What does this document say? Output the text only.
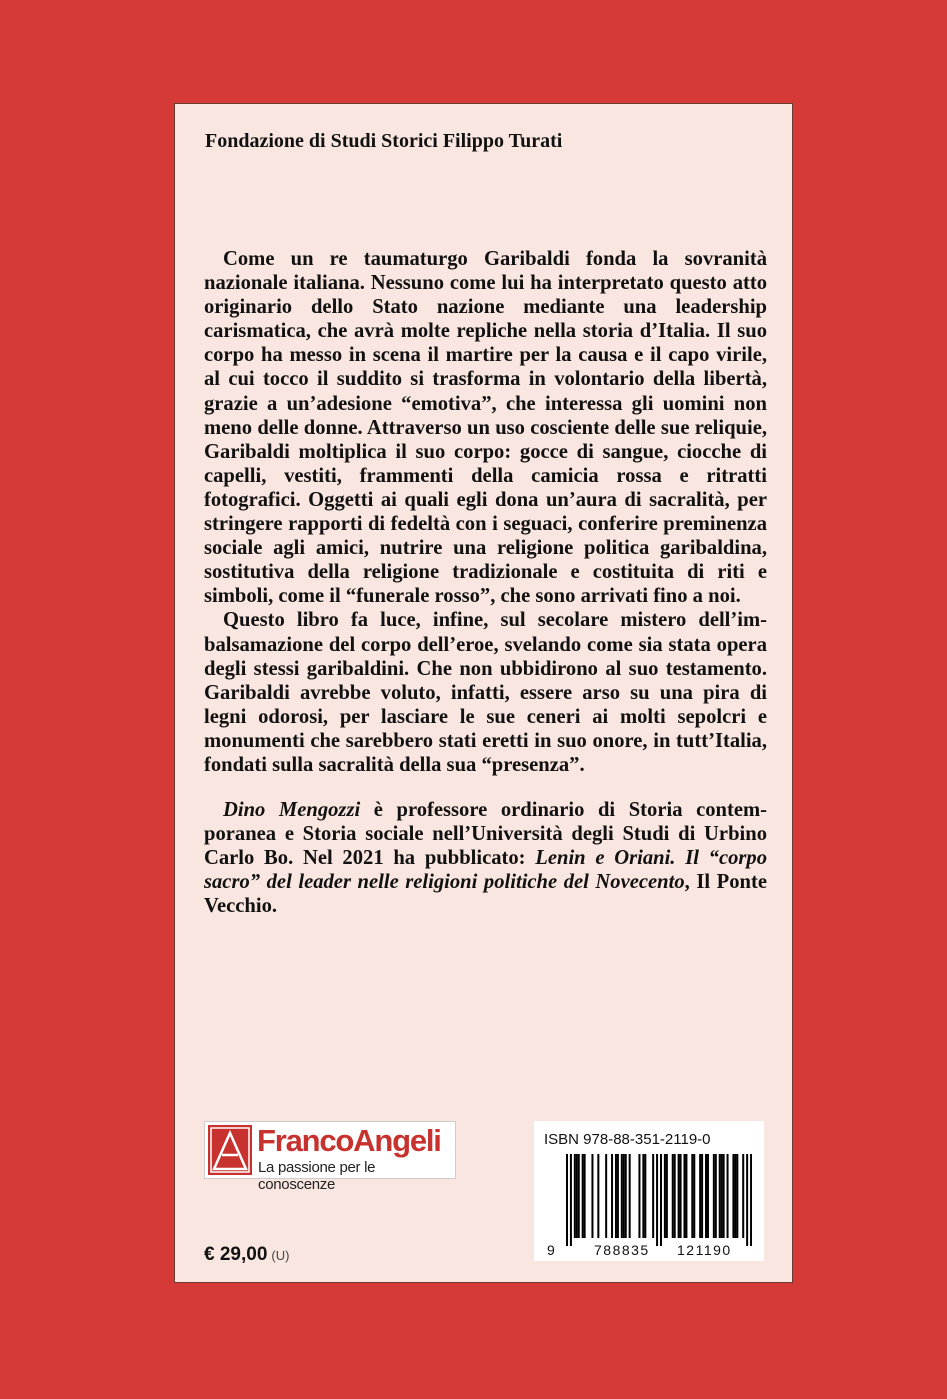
Fondazione di Studi Storici Filippo Turati

Come un re taumaturgo Garibaldi fonda la sovranità nazionale italiana. Nessuno come lui ha interpretato questo atto originario dello Stato nazione mediante una leadership carismatica, che avrà molte repliche nella storia d’Italia. Il suo corpo ha messo in scena il martire per la causa e il capo virile, al cui tocco il suddito si trasforma in volontario della libertà, grazie a un’adesione “emotiva”, che interessa gli uomini non meno delle donne. Attraverso un uso cosciente delle sue reliquie, Garibaldi moltiplica il suo corpo: gocce di sangue, ciocche di capelli, vestiti, frammenti della camicia rossa e ritratti fotografici. Oggetti ai quali egli dona un’aura di sacralità, per stringere rapporti di fedeltà con i seguaci, conferire preminenza sociale agli amici, nutrire una religione politica garibaldina, sostitutiva della religione tradizionale e costituita di riti e simboli, come il “funerale rosso”, che sono arrivati fino a noi.

Questo libro fa luce, infine, sul secolare mistero dell’imbalsamazione del corpo dell’eroe, svelando come sia stata opera degli stessi garibaldini. Che non ubbidirono al suo testamento. Garibaldi avrebbe voluto, infatti, essere arso su una pira di legni odorosi, per lasciare le sue ceneri ai molti sepolcri e monumenti che sarebbero stati eretti in suo onore, in tutt’Italia, fondati sulla sacralità della sua “presenza”.

Dino Mengozzi è professore ordinario di Storia contemporanea e Storia sociale nell’Università degli Studi di Urbino Carlo Bo. Nel 2021 ha pubblicato: Lenin e Oriani. Il “corpo sacro” del leader nelle religioni politiche del Novecento, Il Ponte Vecchio.

FrancoAngeli
La passione per le conoscenze
€ 29,00 (U)
ISBN 978-88-351-2119-0
9	788835 121190
